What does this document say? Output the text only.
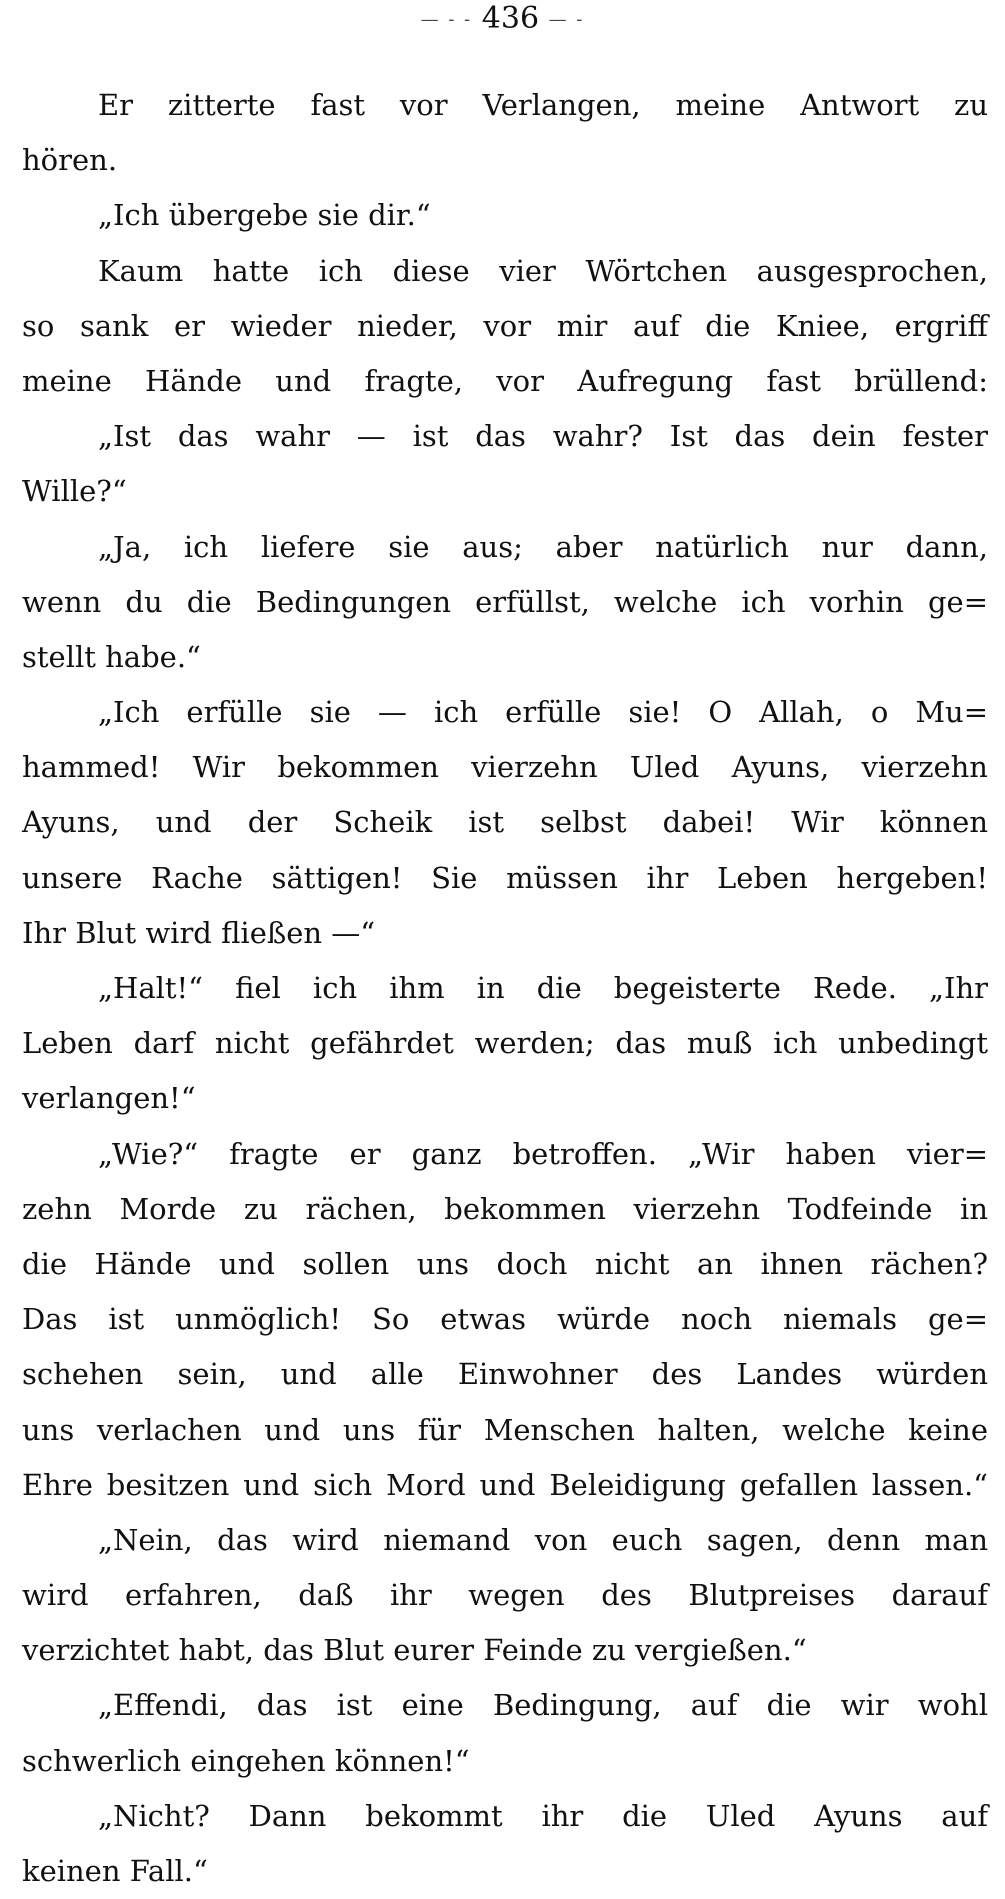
— - - 436 — -
Er zitterte fast vor Verlangen, meine Antwort zu
hören.
„Ich übergebe sie dir.“
Kaum hatte ich diese vier Wörtchen ausgesprochen,
so sank er wieder nieder, vor mir auf die Kniee, ergriff
meine Hände und fragte, vor Aufregung fast brüllend:
„Ist das wahr — ist das wahr? Ist das dein fester
Wille?“
„Ja, ich liefere sie aus; aber natürlich nur dann,
wenn du die Bedingungen erfüllst, welche ich vorhin ge=
stellt habe.“
„Ich erfülle sie — ich erfülle sie! O Allah, o Mu=
hammed! Wir bekommen vierzehn Uled Ayuns, vierzehn
Ayuns, und der Scheik ist selbst dabei! Wir können
unsere Rache sättigen! Sie müssen ihr Leben hergeben!
Ihr Blut wird fließen —“
„Halt!“ fiel ich ihm in die begeisterte Rede. „Ihr
Leben darf nicht gefährdet werden; das muß ich unbedingt
verlangen!“
„Wie?“ fragte er ganz betroffen. „Wir haben vier=
zehn Morde zu rächen, bekommen vierzehn Todfeinde in
die Hände und sollen uns doch nicht an ihnen rächen?
Das ist unmöglich! So etwas würde noch niemals ge=
schehen sein, und alle Einwohner des Landes würden
uns verlachen und uns für Menschen halten, welche keine
Ehre besitzen und sich Mord und Beleidigung gefallen lassen.“
„Nein, das wird niemand von euch sagen, denn man
wird erfahren, daß ihr wegen des Blutpreises darauf
verzichtet habt, das Blut eurer Feinde zu vergießen.“
„Effendi, das ist eine Bedingung, auf die wir wohl
schwerlich eingehen können!“
„Nicht? Dann bekommt ihr die Uled Ayuns auf
keinen Fall.“
